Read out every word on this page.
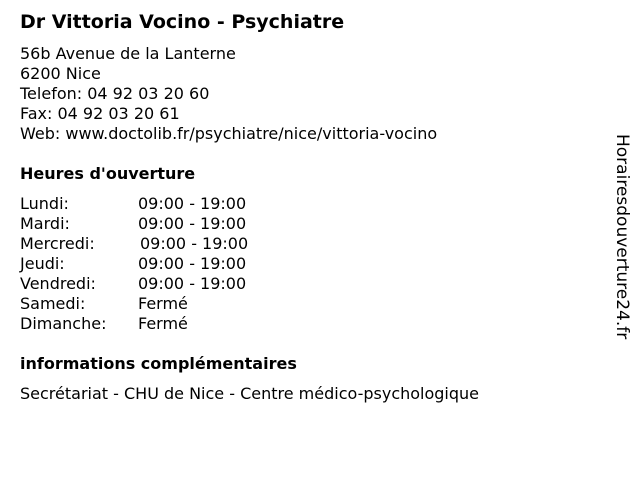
Dr Vittoria Vocino - Psychiatre
56b Avenue de la Lanterne
6200 Nice
Telefon: 04 92 03 20 60
Fax: 04 92 03 20 61
Web: www.doctolib.fr/psychiatre/nice/vittoria-vocino
Heures d'ouverture
Lundi:	09:00 - 19:00
Mardi:	09:00 - 19:00
Mercredi:	09:00 - 19:00
Jeudi:	09:00 - 19:00
Vendredi:	09:00 - 19:00
Samedi:	Fermé
Dimanche: Fermé
informations complémentaires
Secrétariat - CHU de Nice - Centre médico-psychologique
Horairesdouverture24.fr
